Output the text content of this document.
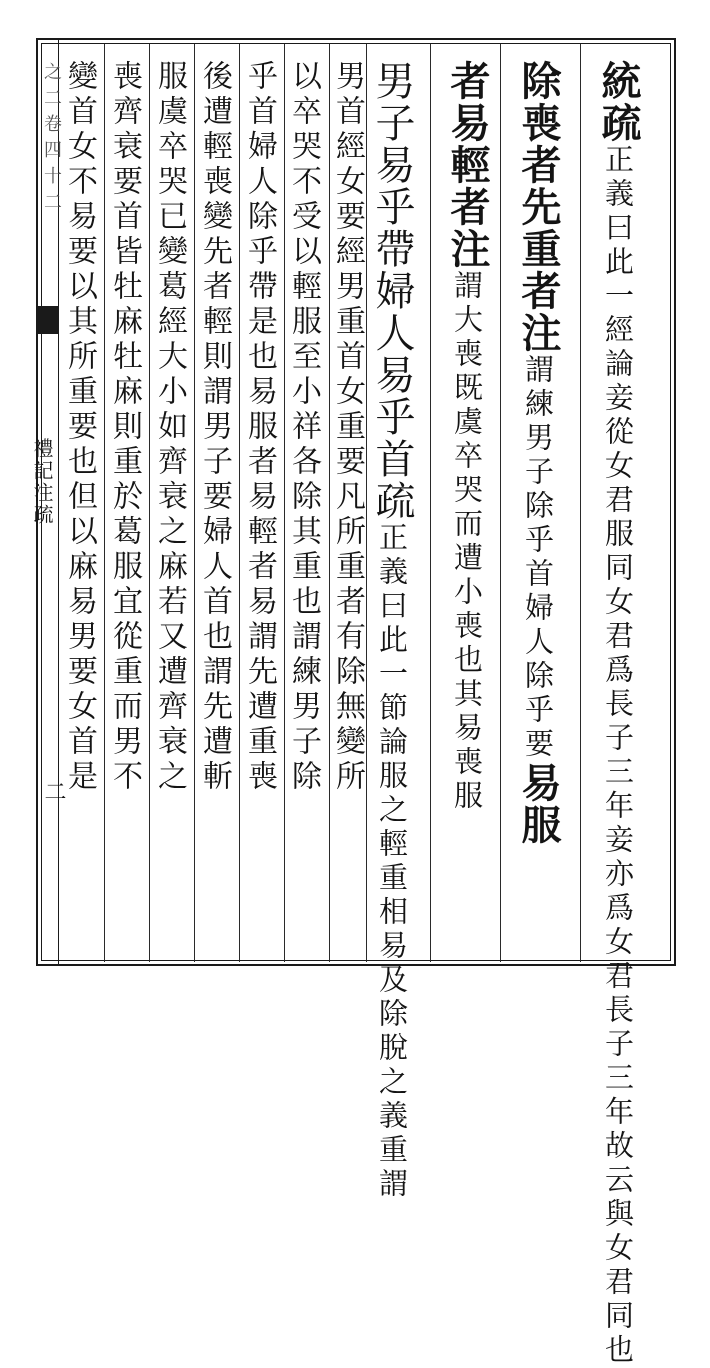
之二卷四十二
禮記注疏
二
統疏正義曰此一經論妾從女君服同女君爲長子三年妾亦爲女君長子三年故云與女君同也
除喪者先重者注謂練男子除乎首婦人除乎要易服
者易輕者注謂大喪既虞卒哭而遭小喪也其易喪服
男子易乎帶婦人易乎首疏正義曰此一節論服之輕重相易及除脫之義重謂
男首經女要經男重首女重要凡所重者有除無變所
以卒哭不受以輕服至小祥各除其重也謂練男子除
乎首婦人除乎帶是也易服者易輕者易謂先遭重喪
後遭輕喪變先者輕則謂男子要婦人首也謂先遭斬
服虞卒哭已變葛經大小如齊衰之麻若又遭齊衰之
喪齊衰要首皆牡麻牡麻則重於葛服宜從重而男不
變首女不易要以其所重要也但以麻易男要女首是
